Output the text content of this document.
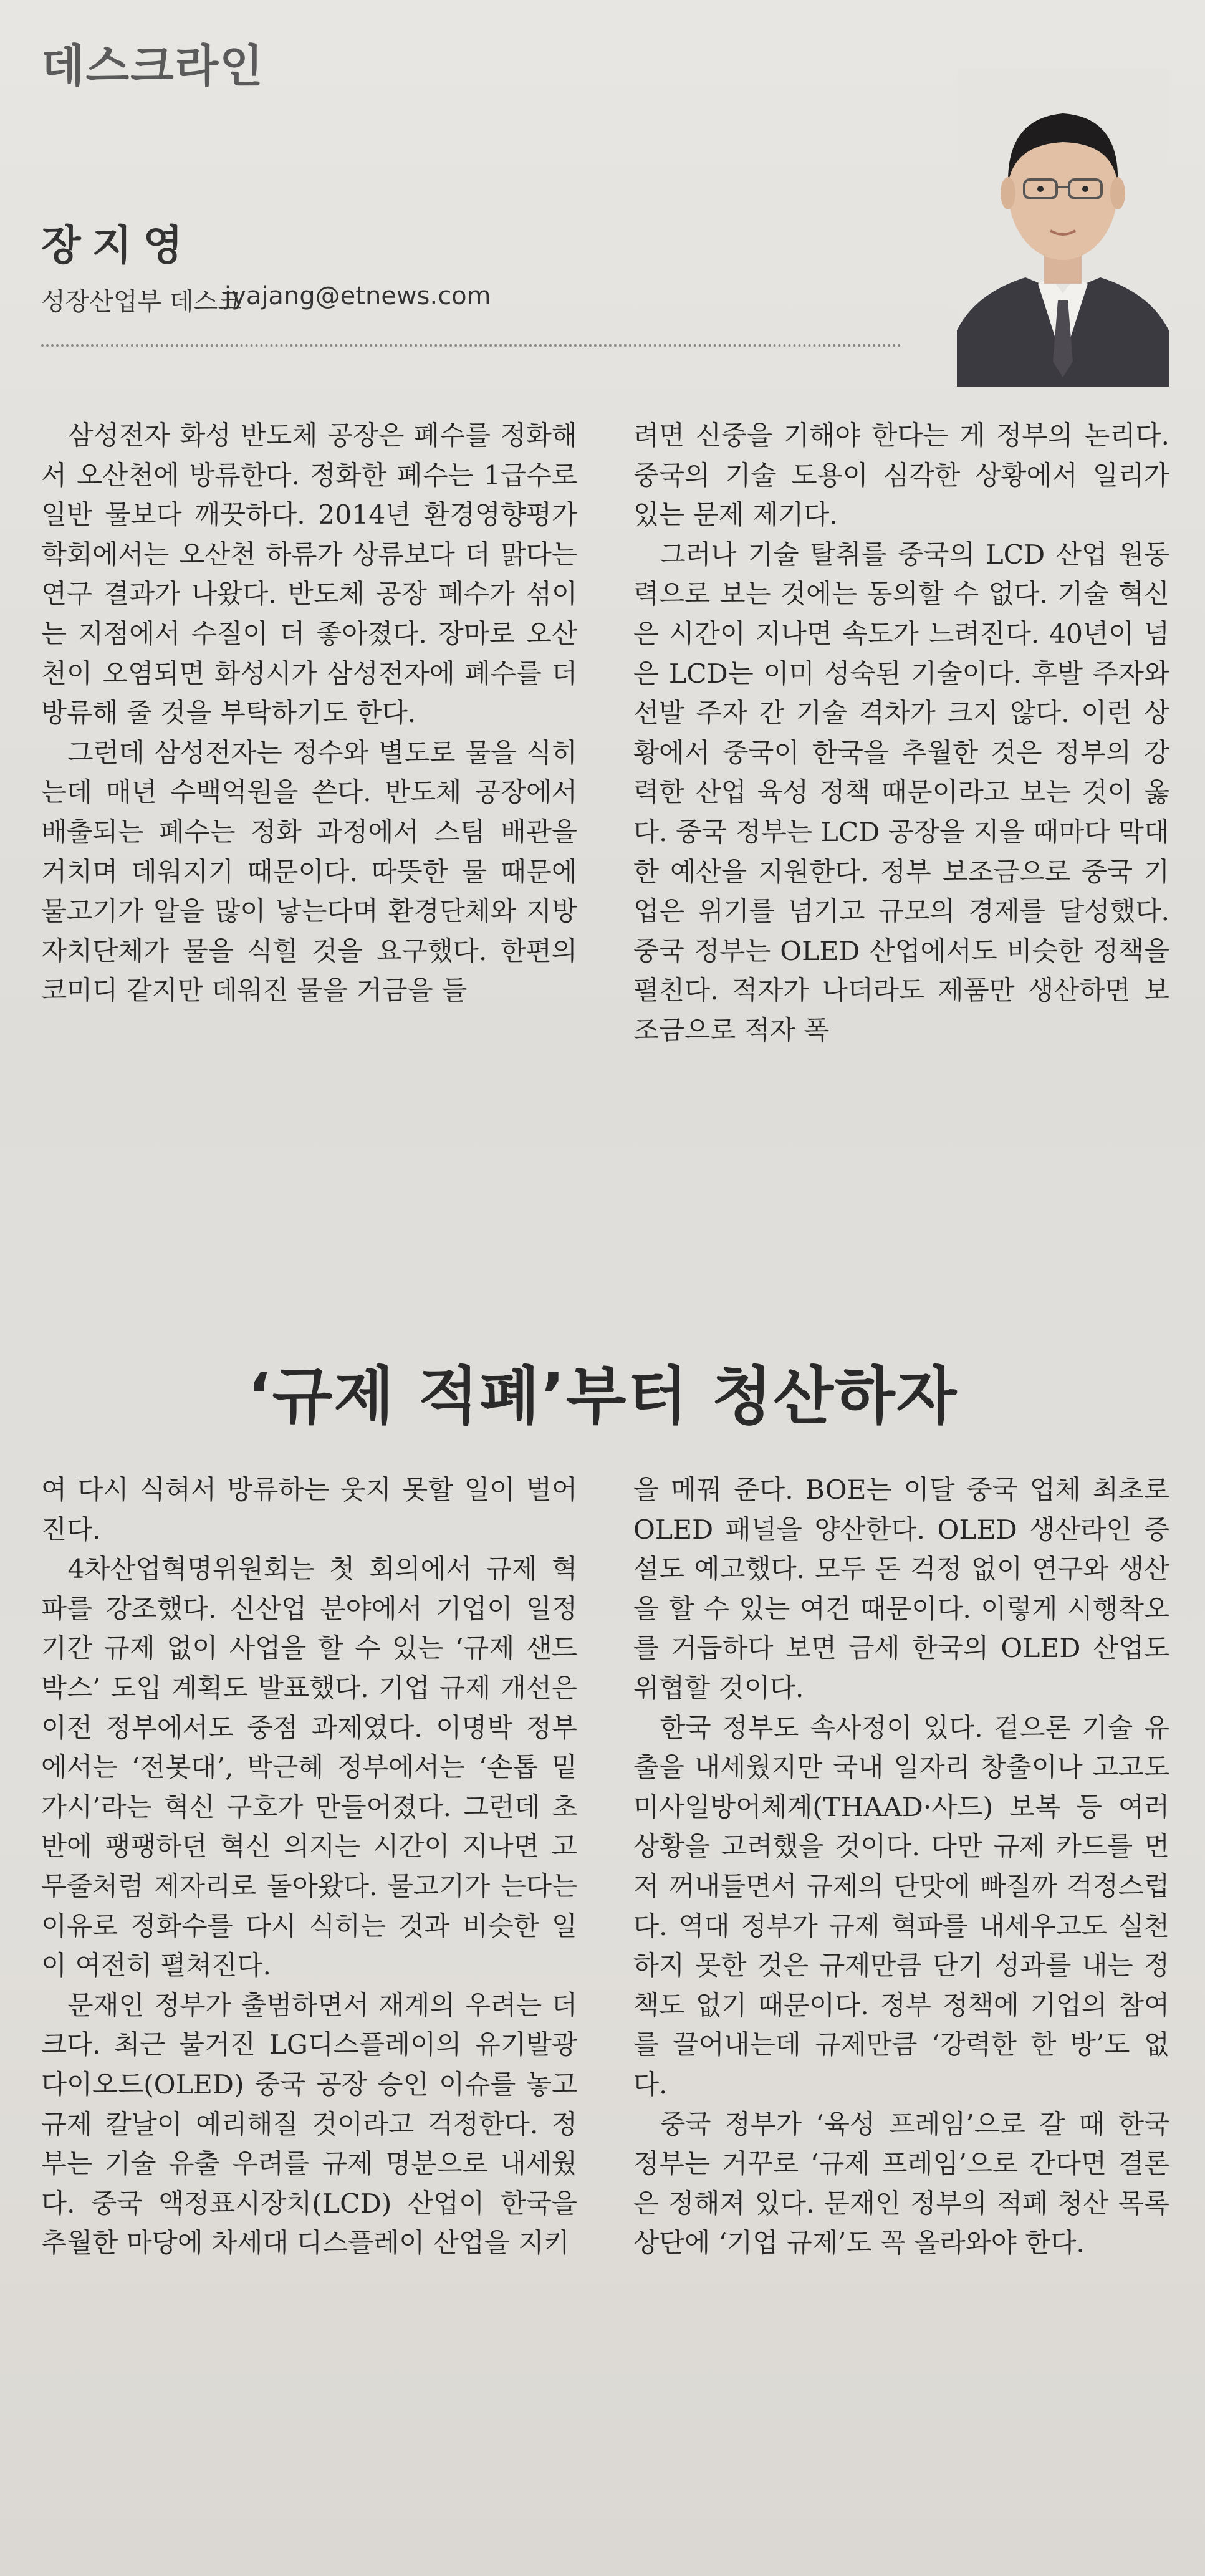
데스크라인
장지영
성장산업부 데스크
jyajang@etnews.com

삼성전자 화성 반도체 공장은 폐수를 정화해서 오산천에 방류한다. 정화한 폐수는 1급수로 일반 물보다 깨끗하다. 2014년 환경영향평가학회에서는 오산천 하류가 상류보다 더 맑다는 연구 결과가 나왔다. 반도체 공장 폐수가 섞이는 지점에서 수질이 더 좋아졌다. 장마로 오산천이 오염되면 화성시가 삼성전자에 폐수를 더 방류해 줄 것을 부탁하기도 한다.

그런데 삼성전자는 정수와 별도로 물을 식히는데 매년 수백억원을 쓴다. 반도체 공장에서 배출되는 폐수는 정화 과정에서 스팀 배관을 거치며 데워지기 때문이다. 따뜻한 물 때문에 물고기가 알을 많이 낳는다며 환경단체와 지방자치단체가 물을 식힐 것을 요구했다. 한편의 코미디 같지만 데워진 물을 거금을 들

려면 신중을 기해야 한다는 게 정부의 논리다. 중국의 기술 도용이 심각한 상황에서 일리가 있는 문제 제기다.

그러나 기술 탈취를 중국의 LCD 산업 원동력으로 보는 것에는 동의할 수 없다. 기술 혁신은 시간이 지나면 속도가 느려진다. 40년이 넘은 LCD는 이미 성숙된 기술이다. 후발 주자와 선발 주자 간 기술 격차가 크지 않다. 이런 상황에서 중국이 한국을 추월한 것은 정부의 강력한 산업 육성 정책 때문이라고 보는 것이 옳다. 중국 정부는 LCD 공장을 지을 때마다 막대한 예산을 지원한다. 정부 보조금으로 중국 기업은 위기를 넘기고 규모의 경제를 달성했다. 중국 정부는 OLED 산업에서도 비슷한 정책을 펼친다. 적자가 나더라도 제품만 생산하면 보조금으로 적자 폭

‘규제 적폐’부터 청산하자

여 다시 식혀서 방류하는 웃지 못할 일이 벌어진다.

4차산업혁명위원회는 첫 회의에서 규제 혁파를 강조했다. 신산업 분야에서 기업이 일정 기간 규제 없이 사업을 할 수 있는 ‘규제 샌드박스’ 도입 계획도 발표했다. 기업 규제 개선은 이전 정부에서도 중점 과제였다. 이명박 정부에서는 ‘전봇대’, 박근혜 정부에서는 ‘손톱 밑 가시’라는 혁신 구호가 만들어졌다. 그런데 초반에 팽팽하던 혁신 의지는 시간이 지나면 고무줄처럼 제자리로 돌아왔다. 물고기가 는다는 이유로 정화수를 다시 식히는 것과 비슷한 일이 여전히 펼쳐진다.

문재인 정부가 출범하면서 재계의 우려는 더 크다. 최근 불거진 LG디스플레이의 유기발광다이오드(OLED) 중국 공장 승인 이슈를 놓고 규제 칼날이 예리해질 것이라고 걱정한다. 정부는 기술 유출 우려를 규제 명분으로 내세웠다. 중국 액정표시장치(LCD) 산업이 한국을 추월한 마당에 차세대 디스플레이 산업을 지키

을 메꿔 준다. BOE는 이달 중국 업체 최초로 OLED 패널을 양산한다. OLED 생산라인 증설도 예고했다. 모두 돈 걱정 없이 연구와 생산을 할 수 있는 여건 때문이다. 이렇게 시행착오를 거듭하다 보면 금세 한국의 OLED 산업도 위협할 것이다.

한국 정부도 속사정이 있다. 겉으론 기술 유출을 내세웠지만 국내 일자리 창출이나 고고도미사일방어체계(THAAD·사드) 보복 등 여러 상황을 고려했을 것이다. 다만 규제 카드를 먼저 꺼내들면서 규제의 단맛에 빠질까 걱정스럽다. 역대 정부가 규제 혁파를 내세우고도 실천하지 못한 것은 규제만큼 단기 성과를 내는 정책도 없기 때문이다. 정부 정책에 기업의 참여를 끌어내는데 규제만큼 ‘강력한 한 방’도 없다.

중국 정부가 ‘육성 프레임’으로 갈 때 한국 정부는 거꾸로 ‘규제 프레임’으로 간다면 결론은 정해져 있다. 문재인 정부의 적폐 청산 목록 상단에 ‘기업 규제’도 꼭 올라와야 한다.
